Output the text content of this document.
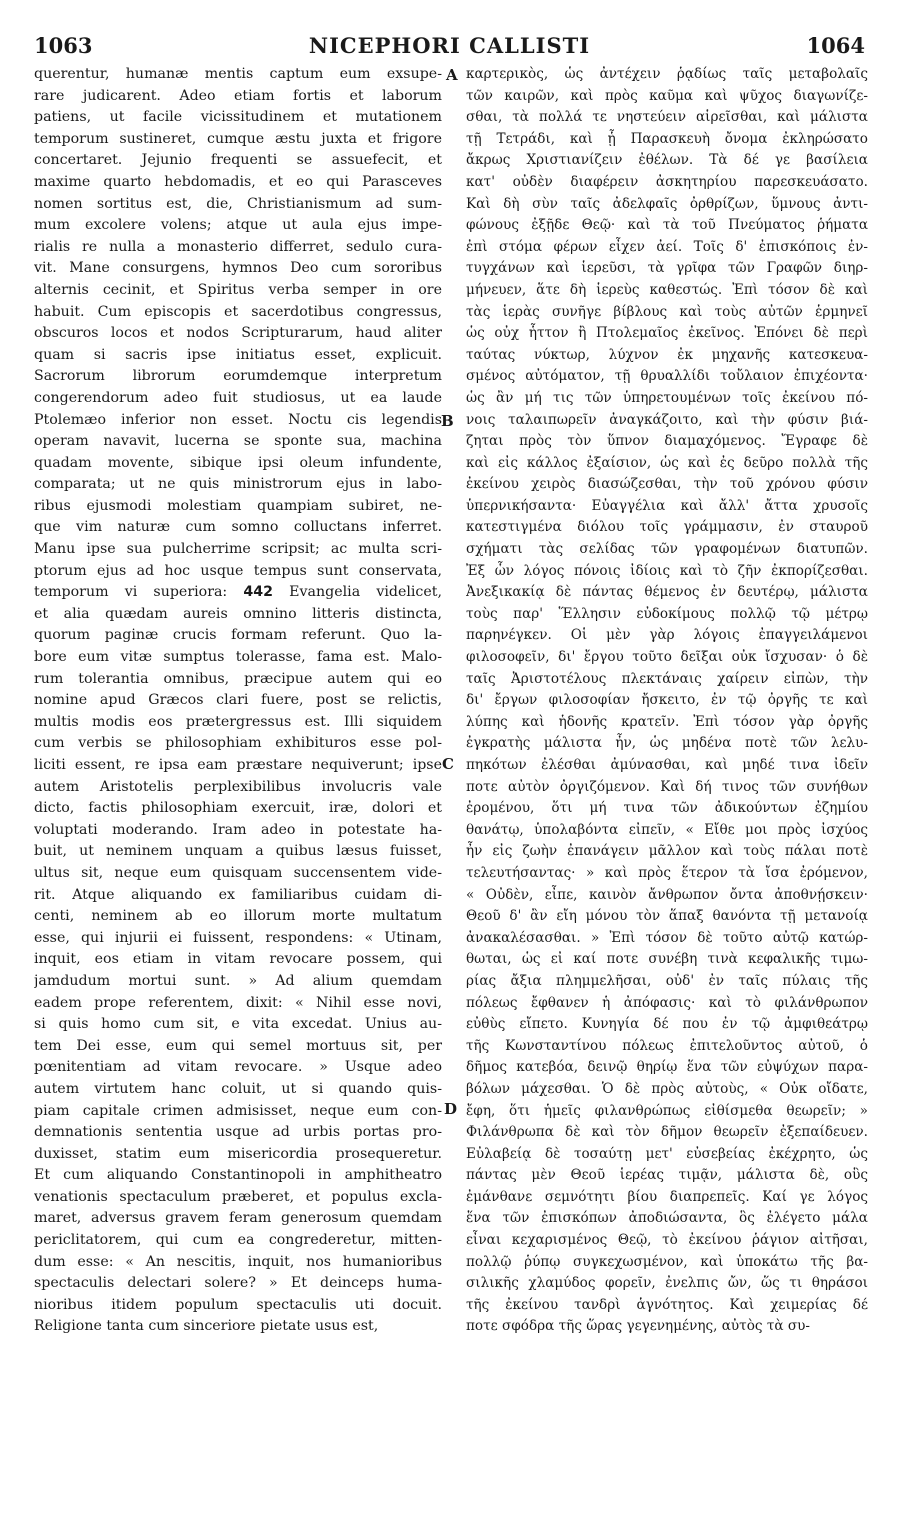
1063	NICEPHORI CALLISTI	1064
querentur, humanæ mentis captum eum exsupe-
rare judicarent. Adeo etiam fortis et laborum
patiens, ut facile vicissitudinem et mutationem
temporum sustineret, cumque æstu juxta et frigore
concertaret. Jejunio frequenti se assuefecit, et
maxime quarto hebdomadis, et eo qui Parasceves
nomen sortitus est, die, Christianismum ad sum-
mum excolere volens; atque ut aula ejus impe-
rialis re nulla a monasterio differret, sedulo cura-
vit. Mane consurgens, hymnos Deo cum sororibus
alternis cecinit, et Spiritus verba semper in ore
habuit. Cum episcopis et sacerdotibus congressus,
obscuros locos et nodos Scripturarum, haud aliter
quam si sacris ipse initiatus esset, explicuit.
Sacrorum librorum eorumdemque interpretum
congerendorum adeo fuit studiosus, ut ea laude
Ptolemæo inferior non esset. Noctu cis legendis
operam navavit, lucerna se sponte sua, machina
quadam movente, sibique ipsi oleum infundente,
comparata; ut ne quis ministrorum ejus in labo-
ribus ejusmodi molestiam quampiam subiret, ne-
que vim naturæ cum somno colluctans inferret.
Manu ipse sua pulcherrime scripsit; ac multa scri-
ptorum ejus ad hoc usque tempus sunt conservata,
temporum vi superiora: 442 Evangelia videlicet,
et alia quædam aureis omnino litteris distincta,
quorum paginæ crucis formam referunt. Quo la-
bore eum vitæ sumptus tolerasse, fama est. Malo-
rum tolerantia omnibus, præcipue autem qui eo
nomine apud Græcos clari fuere, post se relictis,
multis modis eos prætergressus est. Illi siquidem
cum verbis se philosophiam exhibituros esse pol-
liciti essent, re ipsa eam præstare nequiverunt; ipse
autem Aristotelis perplexibilibus involucris vale
dicto, factis philosophiam exercuit, iræ, dolori et
voluptati moderando. Iram adeo in potestate ha-
buit, ut neminem unquam a quibus læsus fuisset,
ultus sit, neque eum quisquam succensentem vide-
rit. Atque aliquando ex familiaribus cuidam di-
centi, neminem ab eo illorum morte multatum
esse, qui injurii ei fuissent, respondens: « Utinam,
inquit, eos etiam in vitam revocare possem, qui
jamdudum mortui sunt. » Ad alium quemdam
eadem prope referentem, dixit: « Nihil esse novi,
si quis homo cum sit, e vita excedat. Unius au-
tem Dei esse, eum qui semel mortuus sit, per
pœnitentiam ad vitam revocare. » Usque adeo
autem virtutem hanc coluit, ut si quando quis-
piam capitale crimen admisisset, neque eum con-
demnationis sententia usque ad urbis portas pro-
duxisset, statim eum misericordia prosequeretur.
Et cum aliquando Constantinopoli in amphitheatro
venationis spectaculum præberet, et populus excla-
maret, adversus gravem feram generosum quemdam
periclitatorem, qui cum ea congrederetur, mitten-
dum esse: « An nescitis, inquit, nos humanioribus
spectaculis delectari solere? » Et deinceps huma-
nioribus itidem populum spectaculis uti docuit.
Religione tanta cum sinceriore pietate usus est,
καρτερικὸς, ὡς ἀντέχειν ῥᾳδίως ταῖς μεταβολαῖς
τῶν καιρῶν, καὶ πρὸς καῦμα καὶ ψῦχος διαγωνίζε-
σθαι, τὰ πολλά τε νηστεύειν αἱρεῖσθαι, καὶ μάλιστα
τῇ Τετράδι, καὶ ᾗ Παρασκευὴ ὄνομα ἐκληρώσατο
ἄκρως Χριστιανίζειν ἐθέλων. Τὰ δέ γε βασίλεια
κατ' οὐδὲν διαφέρειν ἀσκητηρίου παρεσκευάσατο.
Καὶ δὴ σὺν ταῖς ἀδελφαῖς ὀρθρίζων, ὕμνους ἀντι-
φώνους ἐξῇδε Θεῷ· καὶ τὰ τοῦ Πνεύματος ῥήματα
ἐπὶ στόμα φέρων εἶχεν ἀεί. Τοῖς δ' ἐπισκόποις ἐν-
τυγχάνων καὶ ἱερεῦσι, τὰ γρῖφα τῶν Γραφῶν διηρ-
μήνευεν, ἅτε δὴ ἱερεὺς καθεστώς. Ἐπὶ τόσον δὲ καὶ
τὰς ἱερὰς συνῆγε βίβλους καὶ τοὺς αὐτῶν ἑρμηνεῖ
ὡς οὐχ ἧττον ἢ Πτολεμαῖος ἐκεῖνος. Ἐπόνει δὲ περὶ
ταύτας νύκτωρ, λύχνον ἐκ μηχανῆς κατεσκευα-
σμένος αὐτόματον, τῇ θρυαλλίδι τοὔλαιον ἐπιχέοντα·
ὡς ἂν μή τις τῶν ὑπηρετουμένων τοῖς ἐκείνου πό-
νοις ταλαιπωρεῖν ἀναγκάζοιτο, καὶ τὴν φύσιν βιά-
ζηται πρὸς τὸν ὕπνον διαμαχόμενος. Ἔγραφε δὲ
καὶ εἰς κάλλος ἐξαίσιον, ὡς καὶ ἐς δεῦρο πολλὰ τῆς
ἐκείνου χειρὸς διασώζεσθαι, τὴν τοῦ χρόνου φύσιν
ὑπερνικήσαντα· Εὐαγγέλια καὶ ἄλλ' ἄττα χρυσοῖς
κατεστιγμένα διόλου τοῖς γράμμασιν, ἐν σταυροῦ
σχήματι τὰς σελίδας τῶν γραφομένων διατυπῶν.
Ἐξ ὧν λόγος πόνοις ἰδίοις καὶ τὸ ζῆν ἐκπορίζεσθαι.
Ἀνεξικακίᾳ δὲ πάντας θέμενος ἐν δευτέρῳ, μάλιστα
τοὺς παρ' Ἕλλησιν εὐδοκίμους πολλῷ τῷ μέτρῳ
παρηνέγκεν. Οἱ μὲν γὰρ λόγοις ἐπαγγειλάμενοι
φιλοσοφεῖν, δι' ἔργου τοῦτο δεῖξαι οὐκ ἴσχυσαν· ὁ δὲ
ταῖς Ἀριστοτέλους πλεκτάναις χαίρειν εἰπὼν, τὴν
δι' ἔργων φιλοσοφίαν ἤσκειτο, ἐν τῷ ὀργῆς τε καὶ
λύπης καὶ ἡδονῆς κρατεῖν. Ἐπὶ τόσον γὰρ ὀργῆς
ἐγκρατὴς μάλιστα ἦν, ὡς μηδένα ποτὲ τῶν λελυ-
πηκότων ἐλέσθαι ἀμύνασθαι, καὶ μηδέ τινα ἰδεῖν
ποτε αὐτὸν ὀργιζόμενον. Καὶ δή τινος τῶν συνήθων
ἐρομένου, ὅτι μή τινα τῶν ἀδικούντων ἐζημίου
θανάτῳ, ὑπολαβόντα εἰπεῖν, « Εἴθε μοι πρὸς ἰσχύος
ἦν εἰς ζωὴν ἐπανάγειν μᾶλλον καὶ τοὺς πάλαι ποτὲ
τελευτήσαντας· » καὶ πρὸς ἕτερον τὰ ἴσα ἐρόμενον,
« Οὐδὲν, εἶπε, καινὸν ἄνθρωπον ὄντα ἀποθνῄσκειν·
Θεοῦ δ' ἂν εἴη μόνου τὸν ἅπαξ θανόντα τῇ μετανοίᾳ
ἀνακαλέσασθαι. » Ἐπὶ τόσον δὲ τοῦτο αὐτῷ κατώρ-
θωται, ὡς εἰ καί ποτε συνέβη τινὰ κεφαλικῆς τιμω-
ρίας ἄξια πλημμελῆσαι, οὐδ' ἐν ταῖς πύλαις τῆς
πόλεως ἔφθανεν ἡ ἀπόφασις· καὶ τὸ φιλάνθρωπον
εὐθὺς εἴπετο. Κυνηγία δέ που ἐν τῷ ἀμφιθεάτρῳ
τῆς Κωνσταντίνου πόλεως ἐπιτελοῦντος αὐτοῦ, ὁ
δῆμος κατεβόα, δεινῷ θηρίῳ ἕνα τῶν εὐψύχων παρα-
βόλων μάχεσθαι. Ὁ δὲ πρὸς αὐτοὺς, « Οὐκ οἴδατε,
ἔφη, ὅτι ἡμεῖς φιλανθρώπως εἰθίσμεθα θεωρεῖν; »
Φιλάνθρωπα δὲ καὶ τὸν δῆμον θεωρεῖν ἐξεπαίδευεν.
Εὐλαβείᾳ δὲ τοσαύτῃ μετ' εὐσεβείας ἐκέχρητο, ὡς
πάντας μὲν Θεοῦ ἱερέας τιμᾷν, μάλιστα δὲ, οὓς
ἐμάνθανε σεμνότητι βίου διαπρεπεῖς. Καί γε λόγος
ἕνα τῶν ἐπισκόπων ἀποδιώσαντα, ὃς ἐλέγετο μάλα
εἶναι κεχαρισμένος Θεῷ, τὸ ἐκείνου ῥάγιον αἰτῆσαι,
πολλῷ ῥύπῳ συγκεχωσμένον, καὶ ὑποκάτω τῆς βα-
σιλικῆς χλαμύδος φορεῖν, ἐνελπις ὤν, ὥς τι θηράσοι
τῆς ἐκείνου τανδρὶ ἁγνότητος. Καὶ χειμερίας δέ
ποτε σφόδρα τῆς ὥρας γεγενημένης, αὐτὸς τὰ συ-
A
B
C
D
